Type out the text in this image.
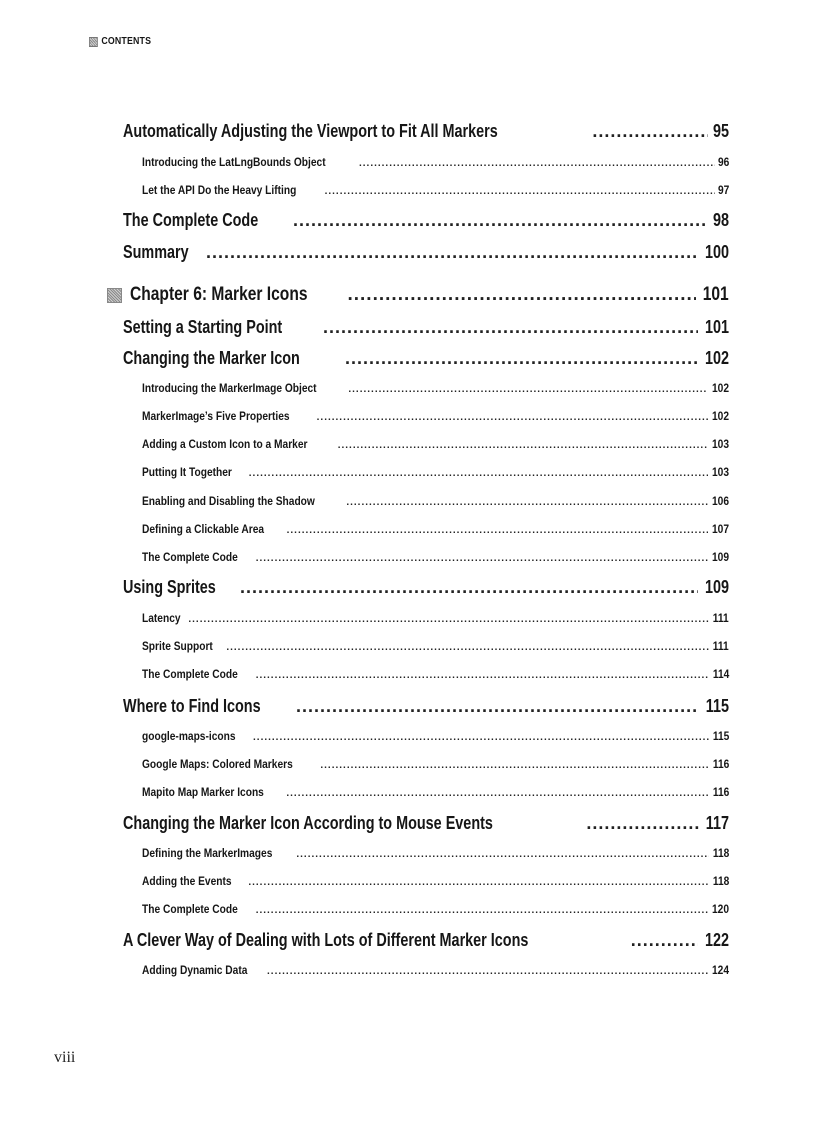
CONTENTS
Automatically Adjusting the Viewport to Fit All Markers .....	95
Introducing the LatLngBounds Object .....	96
Let the API Do the Heavy Lifting .....	97
The Complete Code .....	98
Summary .....	100
Chapter 6: Marker Icons .....	101
Setting a Starting Point .....	101
Changing the Marker Icon .....	102
Introducing the MarkerImage Object .....	102
MarkerImage’s Five Properties .....	102
Adding a Custom Icon to a Marker .....	103
Putting It Together .....	103
Enabling and Disabling the Shadow .....	106
Defining a Clickable Area .....	107
The Complete Code .....	109
Using Sprites .....	109
Latency .....	111
Sprite Support .....	111
The Complete Code .....	114
Where to Find Icons .....	115
google-maps-icons .....	115
Google Maps: Colored Markers .....	116
Mapito Map Marker Icons .....	116
Changing the Marker Icon According to Mouse Events .....	117
Defining the MarkerImages .....	118
Adding the Events .....	118
The Complete Code .....	120
A Clever Way of Dealing with Lots of Different Marker Icons .....	122
Adding Dynamic Data .....	124
viii
